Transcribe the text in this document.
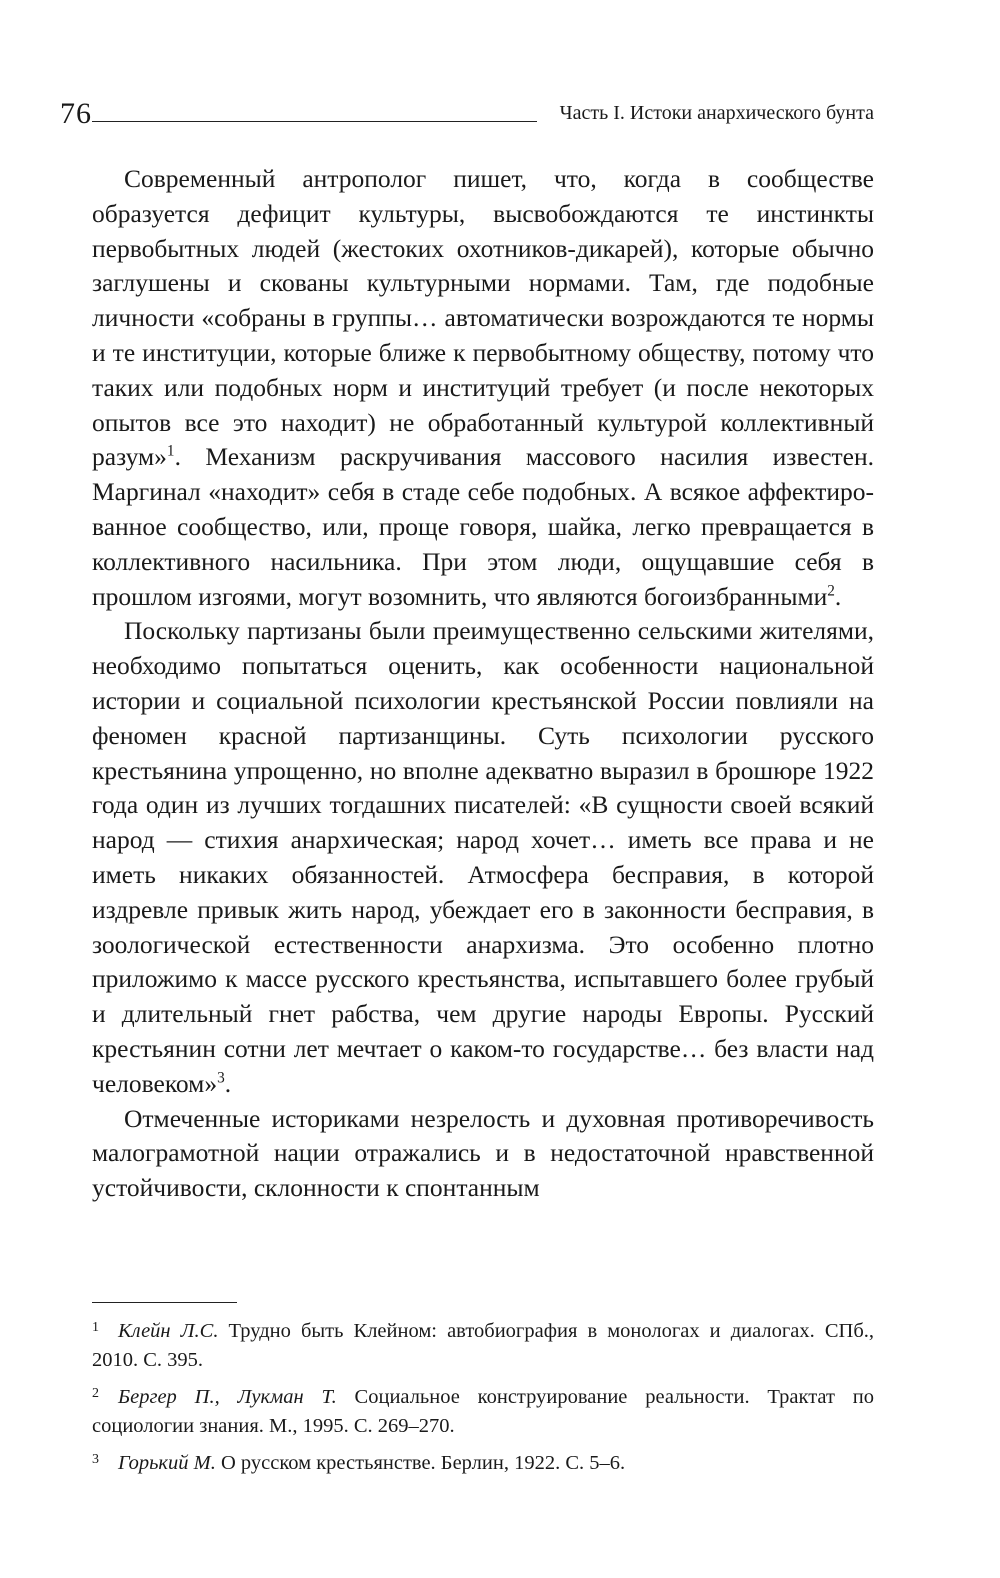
76	Часть I. Истоки анархического бунта

Современный антрополог пишет, что, когда в сообществе образуется дефицит культуры, высвобождаются те инстинкты первобытных людей (жестоких охотников-дикарей), которые обычно заглушены и скованы культурными нормами. Там, где подобные личности «собраны в группы… автоматически возрождаются те нормы и те институции, которые ближе к первобытному обществу, потому что таких или подобных норм и институций требует (и после некоторых опытов все это находит) не обработанный культурой коллективный разум»$^1$. Механизм раскручивания массового насилия известен. Маргинал «находит» себя в стаде себе подобных. А всякое аффектированное сообщество, или, проще говоря, шайка, легко превращается в коллективного насильника. При этом люди, ощущавшие себя в прошлом изгоями, могут возомнить, что являются богоизбранными$^2$.

Поскольку партизаны были преимущественно сельскими жителями, необходимо попытаться оценить, как особенности национальной истории и социальной психологии крестьянской России повлияли на феномен красной партизанщины. Суть психологии русского крестьянина упрощенно, но вполне адекватно выразил в брошюре 1922 года один из лучших тогдашних писателей: «В сущности своей всякий народ — стихия анархическая; народ хочет… иметь все права и не иметь никаких обязанностей. Атмосфера бесправия, в которой издревле привык жить народ, убеждает его в законности бесправия, в зоологической естественности анархизма. Это особенно плотно приложимо к массе русского крестьянства, испытавшего более грубый и длительный гнет рабства, чем другие народы Европы. Русский крестьянин сотни лет мечтает о каком-то государстве… без власти над человеком»$^3$.

Отмеченные историками незрелость и духовная противоречивость малограмотной нации отражались и в недостаточной нравственной устойчивости, склонности к спонтанным

1 Клейн Л.С. Трудно быть Клейном: автобиография в монологах и диалогах. СПб., 2010. С. 395.

2 Бергер П., Лукман Т. Социальное конструирование реальности. Трактат по социологии знания. М., 1995. С. 269–270.

3 Горький М. О русском крестьянстве. Берлин, 1922. С. 5–6.
